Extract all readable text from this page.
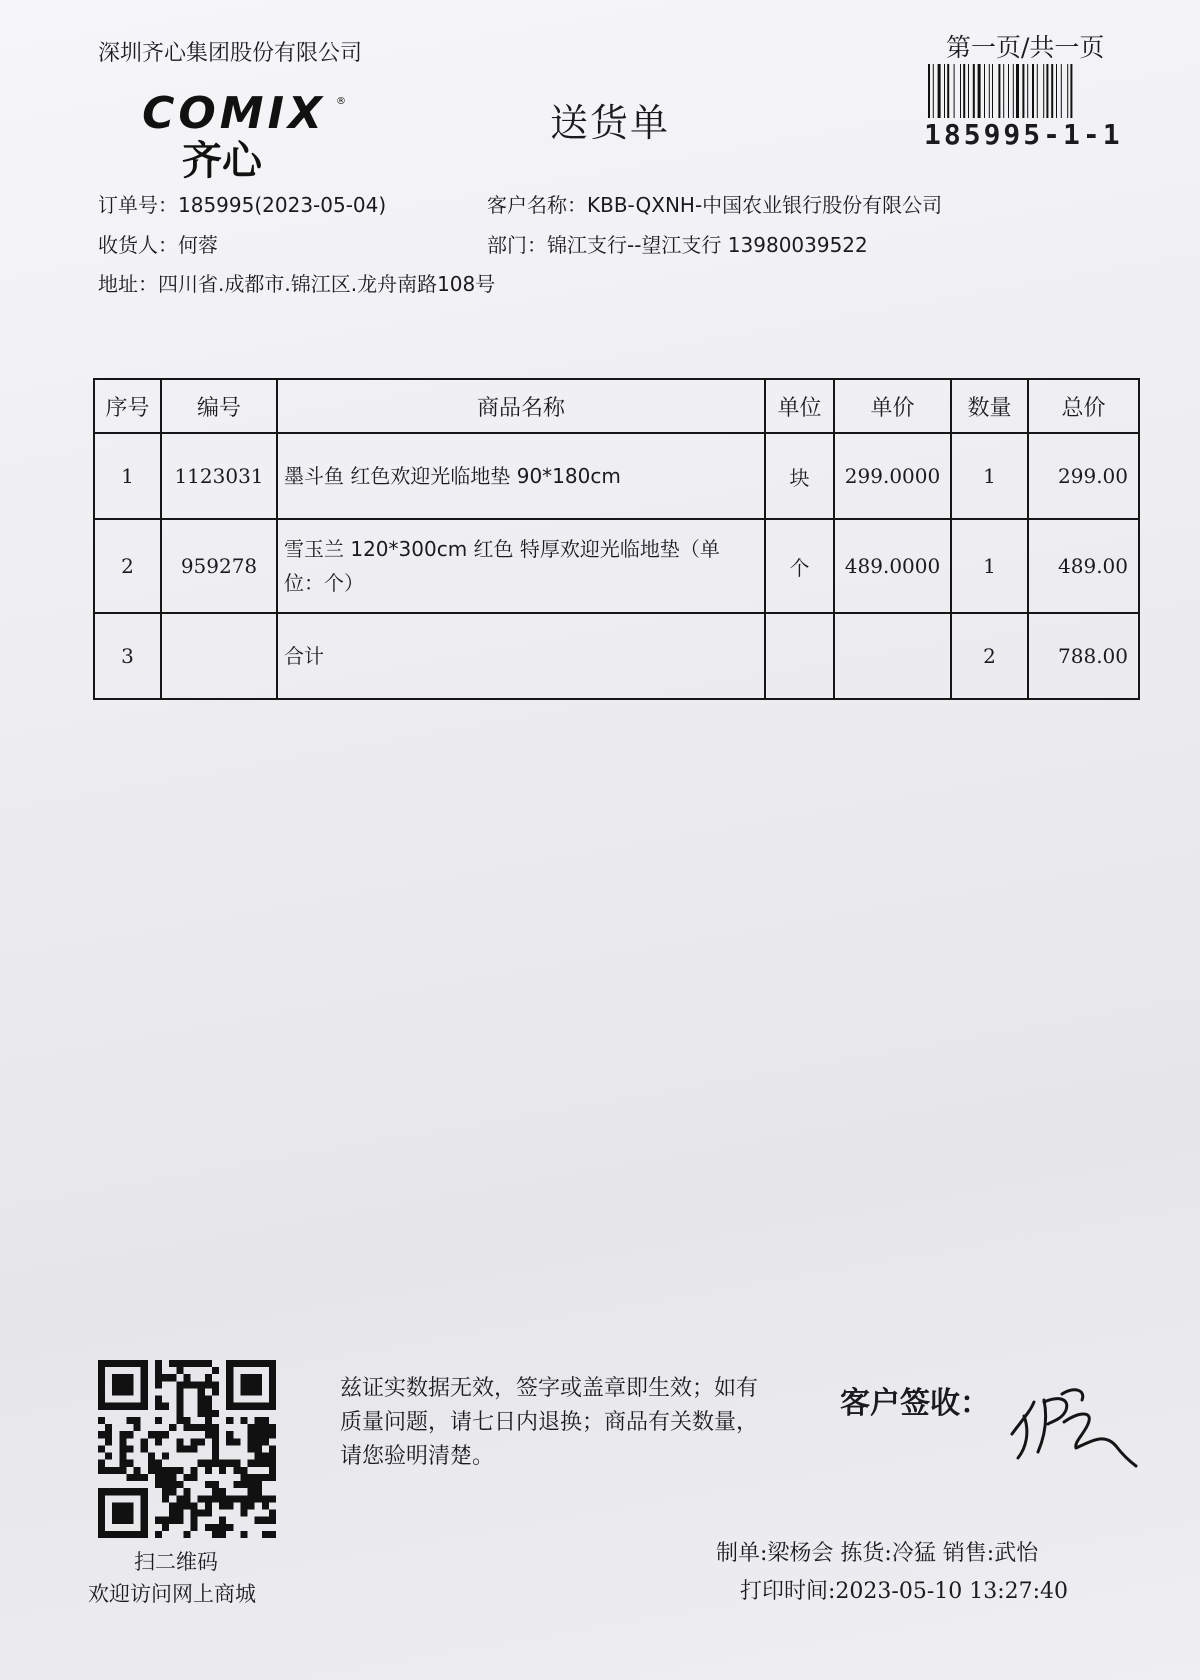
深圳齐心集团股份有限公司	第一页/共一页
185995-1-1
COMIX ®
齐心
送货单
订单号：185995(2023-05-04)
收货人：何蓉
地址：四川省.成都市.锦江区.龙舟南路108号
客户名称：KBB-QXNH-中国农业银行股份有限公司
部门：锦江支行--望江支行 13980039522
序号	编号	商品名称	单位	单价	数量	总价
1	1123031	墨斗鱼 红色欢迎光临地垫 90*180cm	块	299.0000	1	299.00
2	959278	雪玉兰 120*300cm 红色 特厚欢迎光临地垫（单位：个）	个	489.0000	1	489.00
3		合计			2	788.00
扫二维码
欢迎访问网上商城
兹证实数据无效，签字或盖章即生效；如有质量问题，请七日内退换；商品有关数量，请您验明清楚。
客户签收：
制单:梁杨会 拣货:冷猛 销售:武怡
打印时间:2023-05-10 13:27:40
